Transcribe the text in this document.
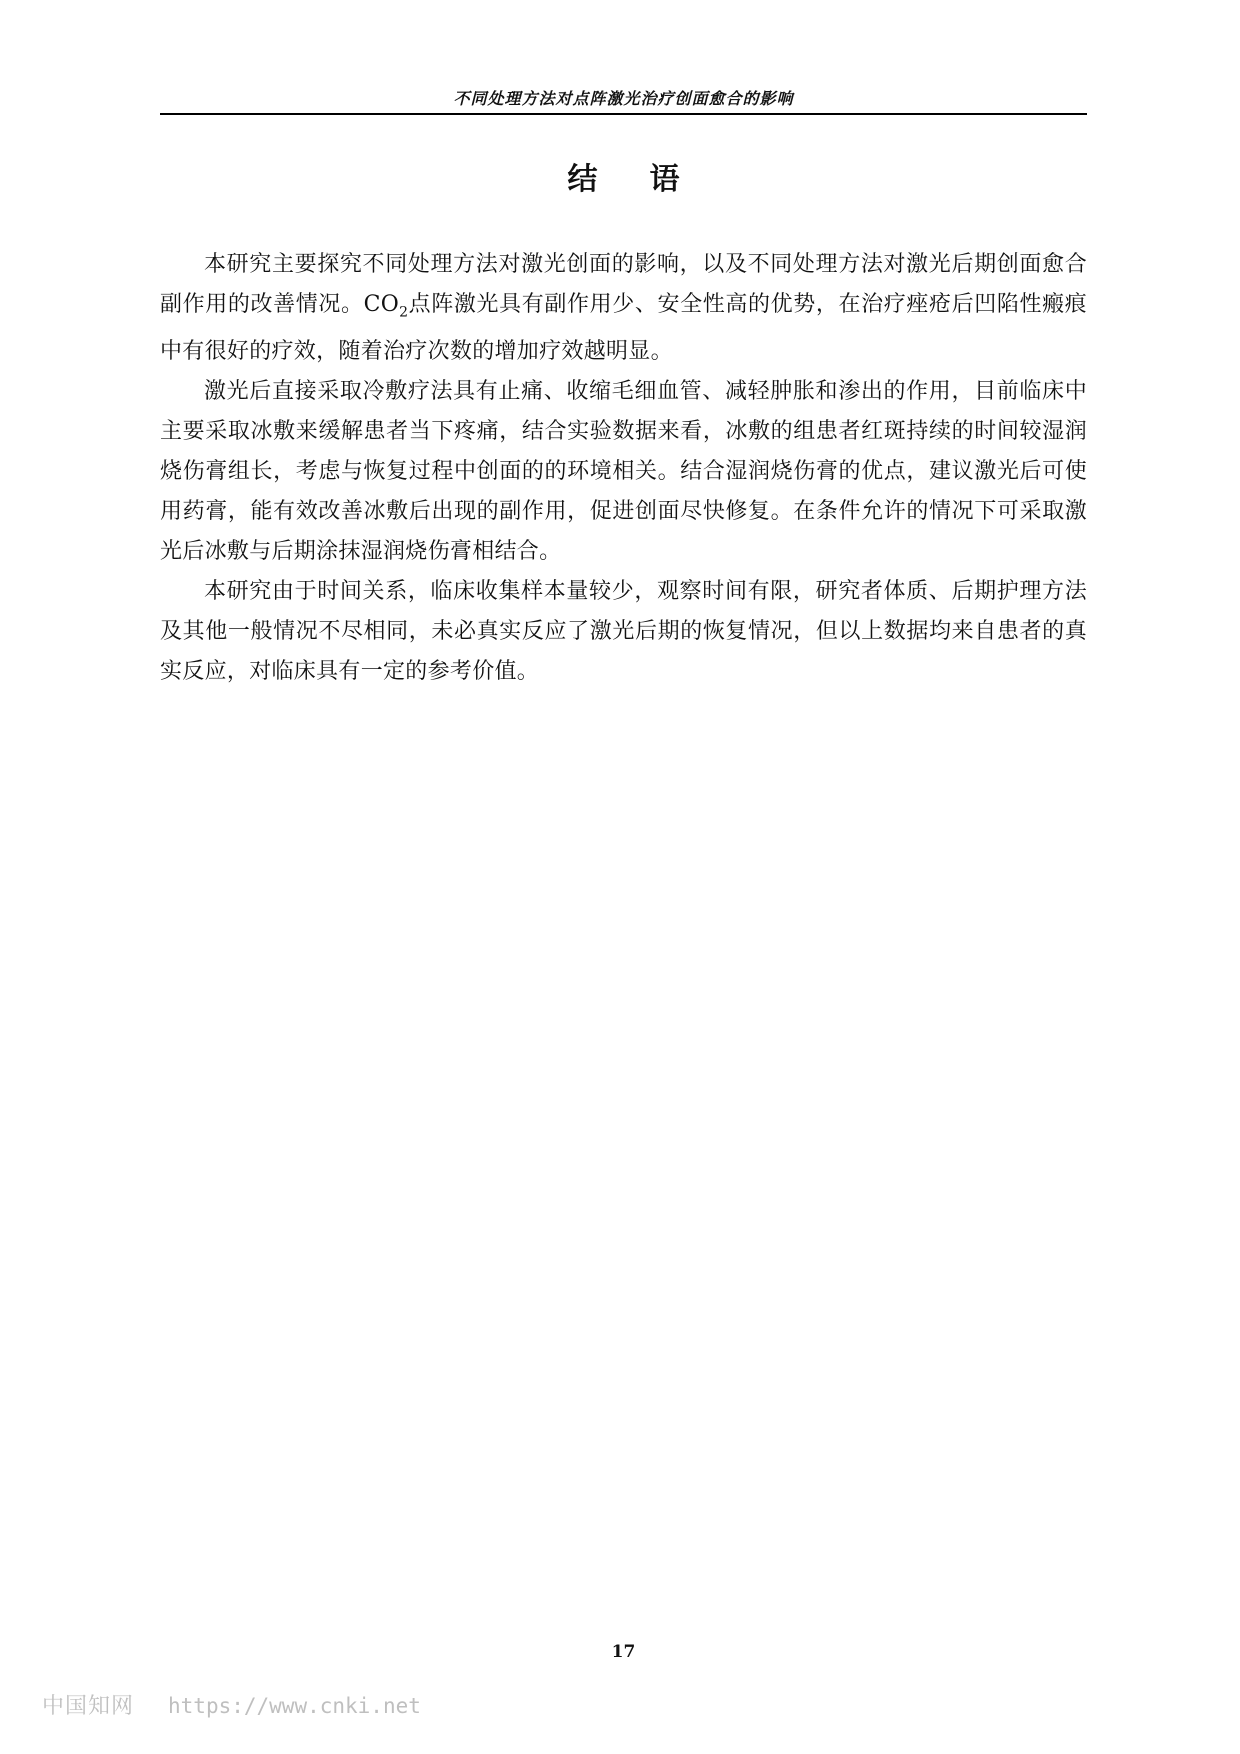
不同处理方法对点阵激光治疗创面愈合的影响
结语

本研究主要探究不同处理方法对激光创面的影响，以及不同处理方法对激光后期创面愈合副作用的改善情况。$CO_2$点阵激光具有副作用少、安全性高的优势，在治疗痤疮后凹陷性瘢痕中有很好的疗效，随着治疗次数的增加疗效越明显。

激光后直接采取冷敷疗法具有止痛、收缩毛细血管、减轻肿胀和渗出的作用，目前临床中主要采取冰敷来缓解患者当下疼痛，结合实验数据来看，冰敷的组患者红斑持续的时间较湿润烧伤膏组长，考虑与恢复过程中创面的的环境相关。结合湿润烧伤膏的优点，建议激光后可使用药膏，能有效改善冰敷后出现的副作用，促进创面尽快修复。在条件允许的情况下可采取激光后冰敷与后期涂抹湿润烧伤膏相结合。

本研究由于时间关系，临床收集样本量较少，观察时间有限，研究者体质、后期护理方法及其他一般情况不尽相同，未必真实反应了激光后期的恢复情况，但以上数据均来自患者的真实反应，对临床具有一定的参考价值。

17
中国知网 https://www.cnki.net
